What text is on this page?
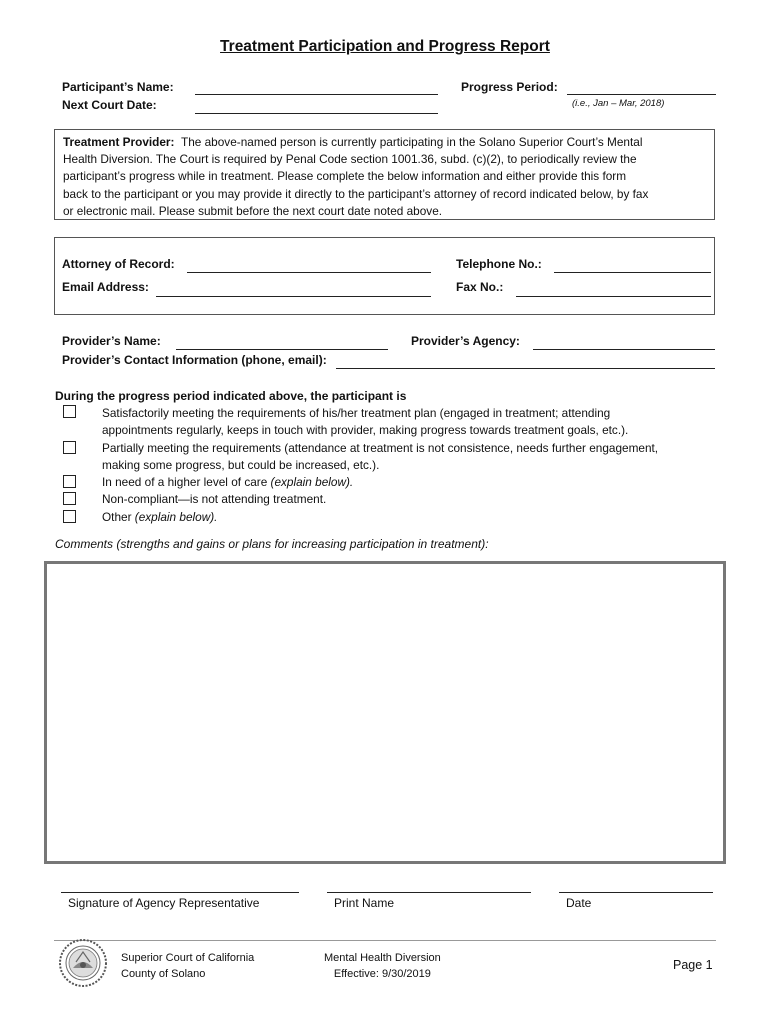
Treatment Participation and Progress Report
Participant’s Name:
Next Court Date:
Progress Period:
(i.e., Jan – Mar, 2018)
Treatment Provider: The above-named person is currently participating in the Solano Superior Court’s Mental
Health Diversion. The Court is required by Penal Code section 1001.36, subd. (c)(2), to periodically review the
participant’s progress while in treatment. Please complete the below information and either provide this form
back to the participant or you may provide it directly to the participant’s attorney of record indicated below, by fax
or electronic mail. Please submit before the next court date noted above.
Attorney of Record:
Email Address:
Telephone No.:
Fax No.:
Provider’s Name:	Provider’s Agency:
Provider’s Contact Information (phone, email):
During the progress period indicated above, the participant is
Satisfactorily meeting the requirements of his/her treatment plan (engaged in treatment; attending
appointments regularly, keeps in touch with provider, making progress towards treatment goals, etc.).
Partially meeting the requirements (attendance at treatment is not consistence, needs further engagement,
making some progress, but could be increased, etc.).
In need of a higher level of care (explain below).
Non-compliant—is not attending treatment.
Other (explain below).
Comments (strengths and gains or plans for increasing participation in treatment):
Signature of Agency Representative	Print Name	Date
Superior Court of California
County of Solano
Mental Health Diversion
Effective: 9/30/2019
Page 1
